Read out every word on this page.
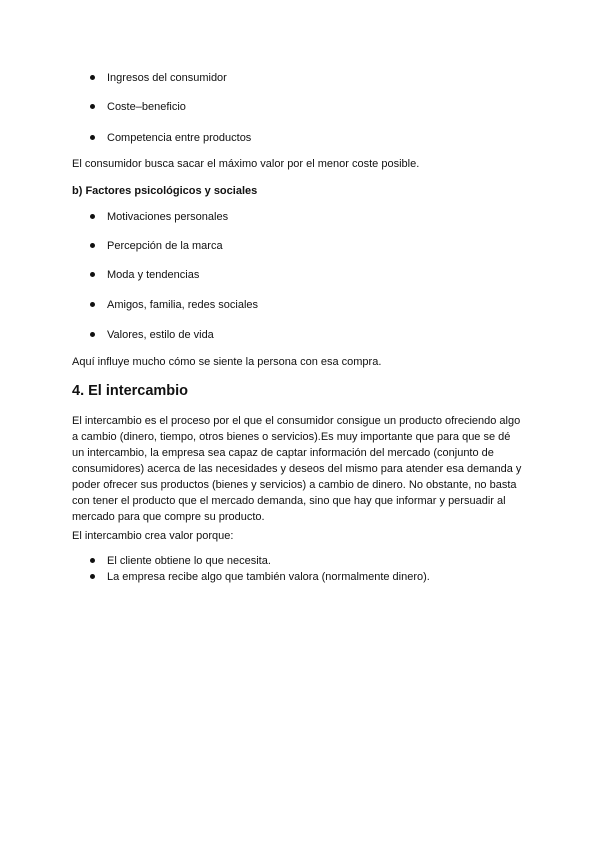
Ingresos del consumidor
Coste–beneficio
Competencia entre productos
El consumidor busca sacar el máximo valor por el menor coste posible.
b) Factores psicológicos y sociales
Motivaciones personales
Percepción de la marca
Moda y tendencias
Amigos, familia, redes sociales
Valores, estilo de vida
Aquí influye mucho cómo se siente la persona con esa compra.
4. El intercambio
El intercambio es el proceso por el que el consumidor consigue un producto ofreciendo algo
a cambio (dinero, tiempo, otros bienes o servicios).Es muy importante que para que se dé
un intercambio, la empresa sea capaz de captar información del mercado (conjunto de
consumidores) acerca de las necesidades y deseos del mismo para atender esa demanda y
poder ofrecer sus productos (bienes y servicios) a cambio de dinero. No obstante, no basta
con tener el producto que el mercado demanda, sino que hay que informar y persuadir al
mercado para que compre su producto.
El intercambio crea valor porque:
El cliente obtiene lo que necesita.
La empresa recibe algo que también valora (normalmente dinero).
